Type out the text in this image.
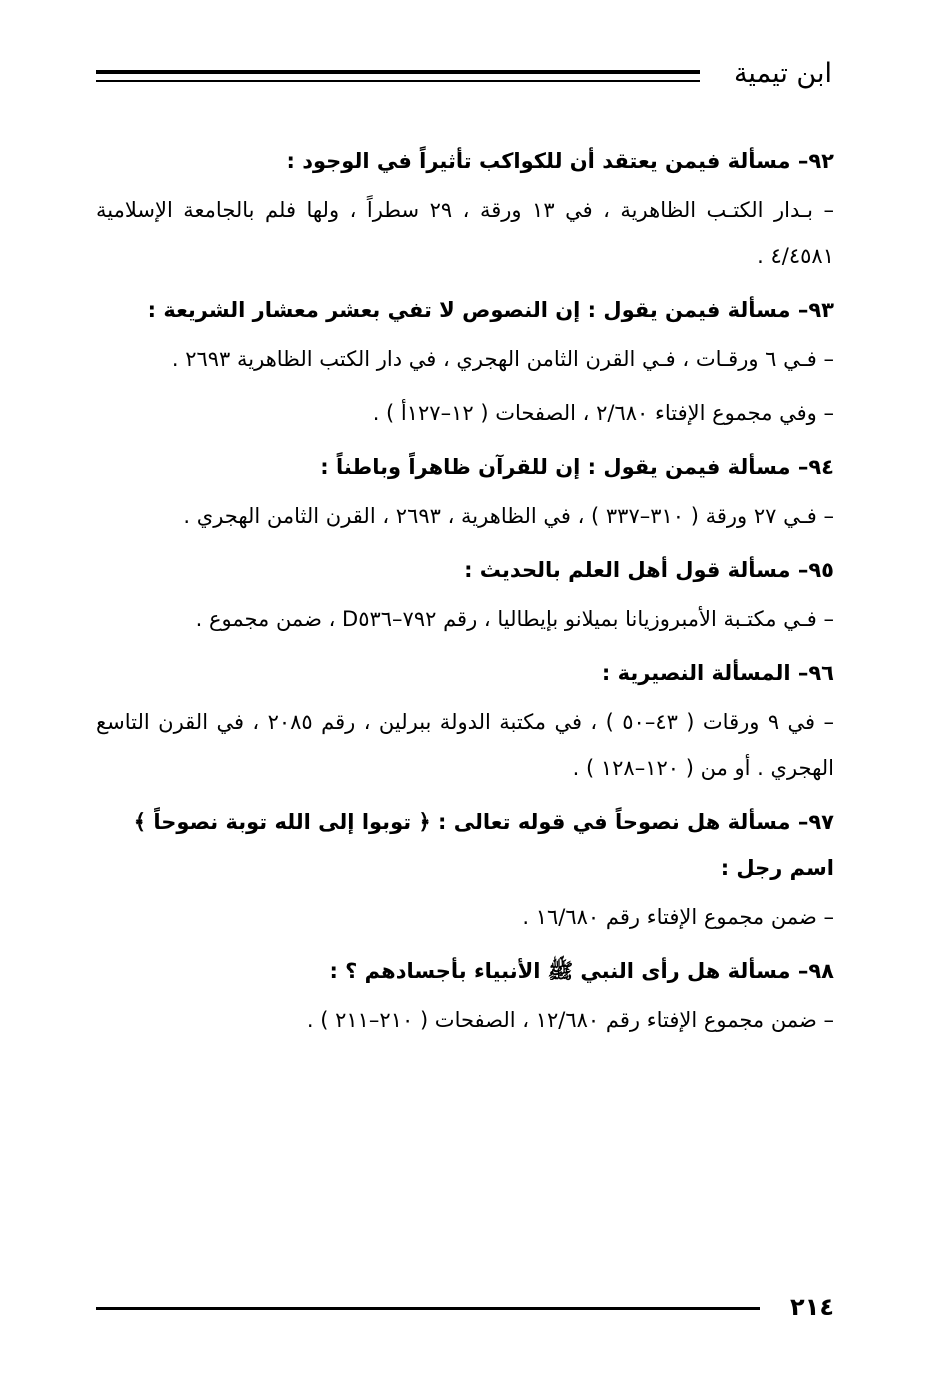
ابن تيمية

٩٢– مسألة فيمن يعتقد أن للكواكب تأثيراً في الوجود :

– بـدار الكتـب الظاهرية ، في ١٣ ورقة ، ٢٩ سطراً ، ولها فلم بالجامعة الإسلامية ٤/٤٥٨١ .

٩٣– مسألة فيمن يقول : إن النصوص لا تفي بعشر معشار الشريعة :

– فـي ٦ ورقـات ، فـي القرن الثامن الهجري ، في دار الكتب الظاهرية ٢٦٩٣ .

– وفي مجموع الإفتاء ٢/٦٨٠ ، الصفحات ( ١٢–١٢٧أ ) .

٩٤– مسألة فيمن يقول : إن للقرآن ظاهراً وباطناً :

– فـي ٢٧ ورقة ( ٣١٠–٣٣٧ ) ، في الظاهرية ، ٢٦٩٣ ، القرن الثامن الهجري .

٩٥– مسألة قول أهل العلم بالحديث :

– فـي مكتـبة الأمبروزيانا بميلانو بإيطاليا ، رقم ٧٩٢–D٥٣٦ ، ضمن مجموع .

٩٦– المسألة النصيرية :

– في ٩ ورقات ( ٤٣–٥٠ ) ، في مكتبة الدولة ببرلين ، رقم ٢٠٨٥ ، في القرن التاسع الهجري . أو من ( ١٢٠–١٢٨ ) .

٩٧– مسألة هل نصوحاً في قوله تعالى : ﴿ توبوا إلى الله توبة نصوحاً ﴾ اسم رجل :

– ضمن مجموع الإفتاء رقم ١٦/٦٨٠ .

٩٨– مسألة هل رأى النبي ﷺ الأنبياء بأجسادهم ؟ :

– ضمن مجموع الإفتاء رقم ١٢/٦٨٠ ، الصفحات ( ٢١٠–٢١١ ) .

٢١٤
